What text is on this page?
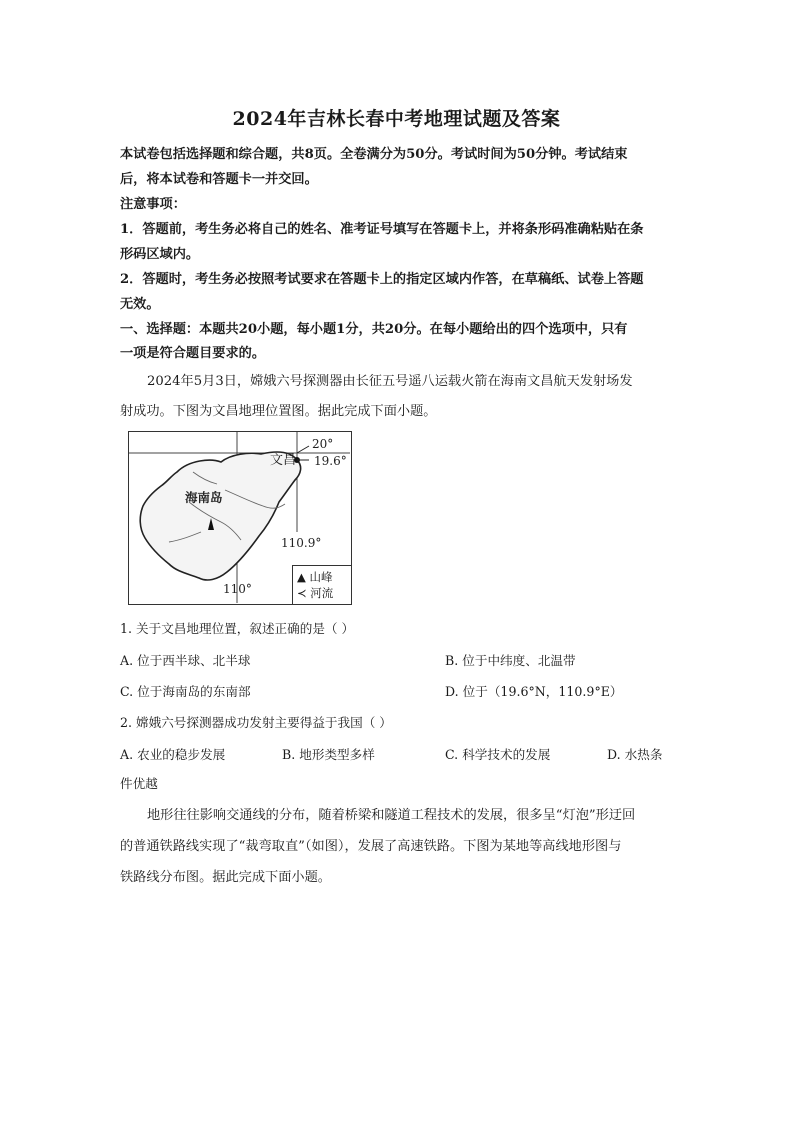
2024年吉林长春中考地理试题及答案
本试卷包括选择题和综合题，共8页。全卷满分为50分。考试时间为50分钟。考试结束
后，将本试卷和答题卡一并交回。
注意事项：
1．答题前，考生务必将自己的姓名、准考证号填写在答题卡上，并将条形码准确粘贴在条
形码区域内。
2．答题时，考生务必按照考试要求在答题卡上的指定区域内作答，在草稿纸、试卷上答题
无效。
一、选择题：本题共20小题，每小题1分，共20分。在每小题给出的四个选项中，只有
一项是符合题目要求的。
2024年5月3日，嫦娥六号探测器由长征五号遥八运载火箭在海南文昌航天发射场发
射成功。下图为文昌地理位置图。据此完成下面小题。
20°
19.6°
文昌
海南岛
110.9°
110°
▲ 山峰
≺ 河流
1. 关于文昌地理位置，叙述正确的是（ ）
A. 位于西半球、北半球	B. 位于中纬度、北温带
C. 位于海南岛的东南部	D. 位于（19.6°N，110.9°E）
2. 嫦娥六号探测器成功发射主要得益于我国（ ）
A. 农业的稳步发展	B. 地形类型多样	C. 科学技术的发展	D. 水热条
件优越
地形往往影响交通线的分布，随着桥梁和隧道工程技术的发展，很多呈“灯泡”形迂回
的普通铁路线实现了“裁弯取直”（如图），发展了高速铁路。下图为某地等高线地形图与
铁路线分布图。据此完成下面小题。
